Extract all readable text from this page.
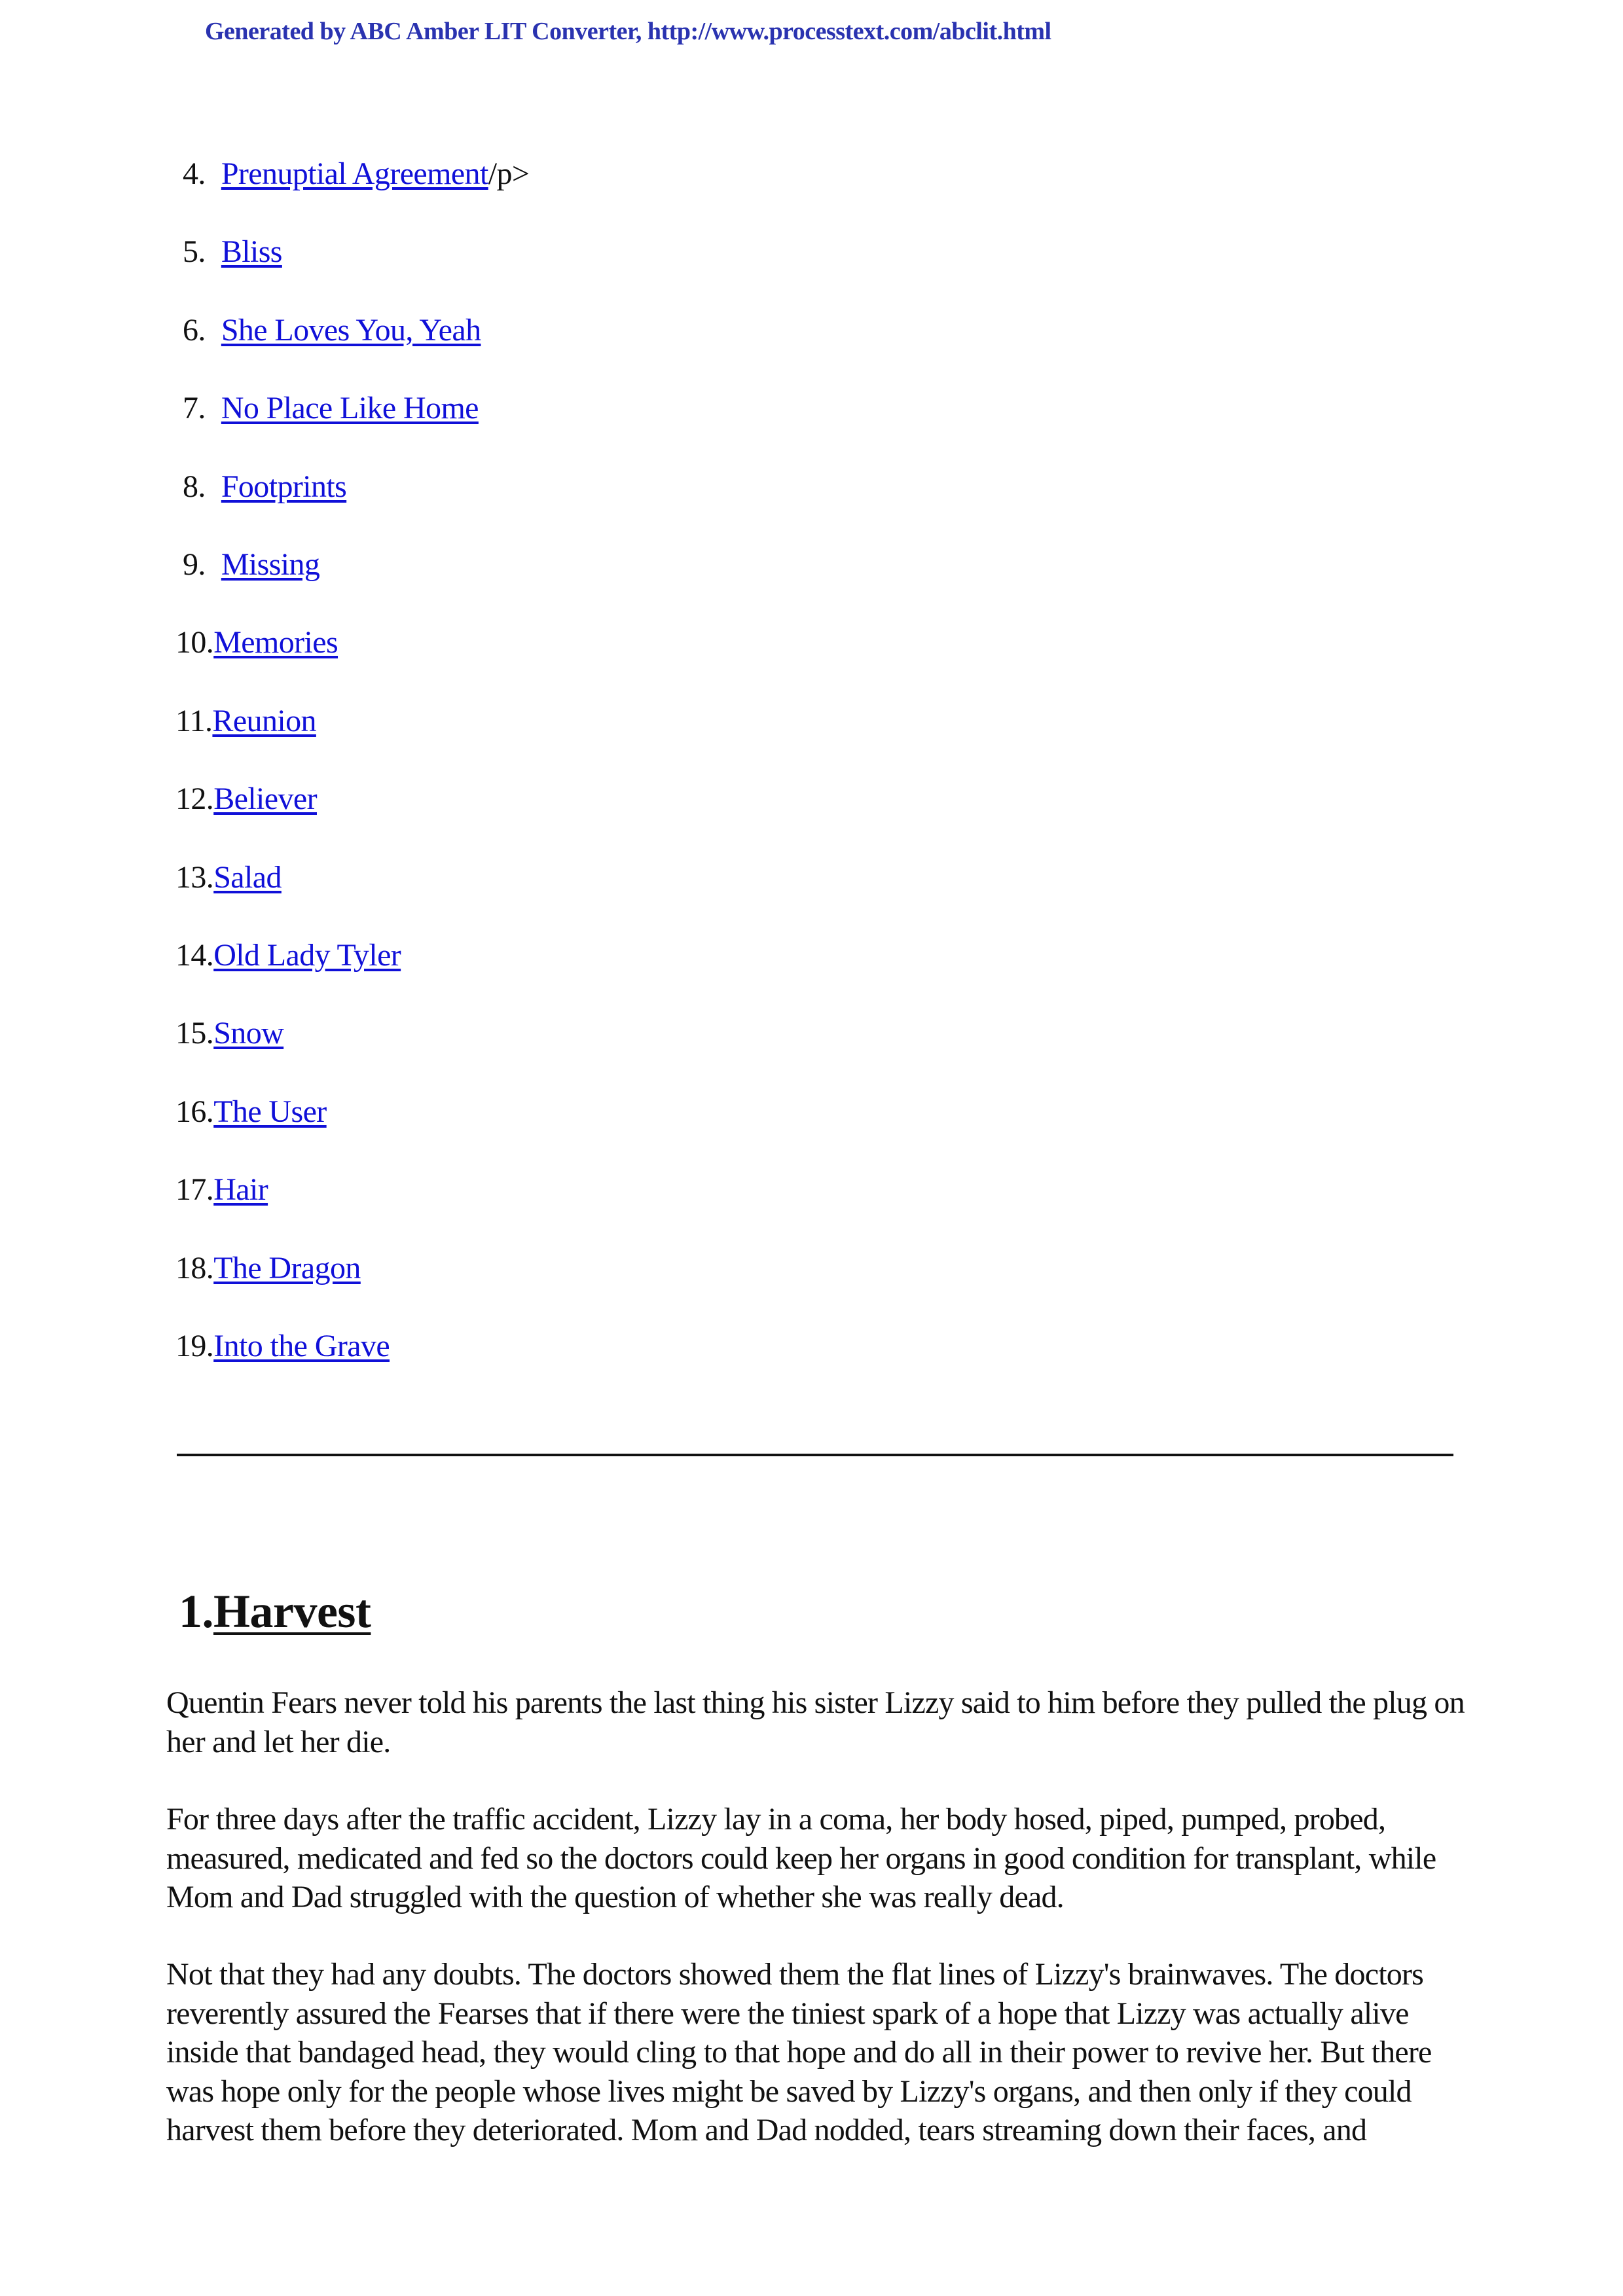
Generated by ABC Amber LIT Converter, http://www.processtext.com/abclit.html
4. Prenuptial Agreement/p>
5. Bliss
6. She Loves You, Yeah
7. No Place Like Home
8. Footprints
9. Missing
10.Memories
11.Reunion
12.Believer
13.Salad
14.Old Lady Tyler
15.Snow
16.The User
17.Hair
18.The Dragon
19.Into the Grave
1.Harvest

Quentin Fears never told his parents the last thing his sister Lizzy said to him before they pulled the plug on her and let her die.

For three days after the traffic accident, Lizzy lay in a coma, her body hosed, piped, pumped, probed, measured, medicated and fed so the doctors could keep her organs in good condition for transplant, while Mom and Dad struggled with the question of whether she was really dead.

Not that they had any doubts. The doctors showed them the flat lines of Lizzy's brainwaves. The doctors reverently assured the Fearses that if there were the tiniest spark of a hope that Lizzy was actually alive inside that bandaged head, they would cling to that hope and do all in their power to revive her. But there was hope only for the people whose lives might be saved by Lizzy's organs, and then only if they could harvest them before they deteriorated. Mom and Dad nodded, tears streaming down their faces, and
